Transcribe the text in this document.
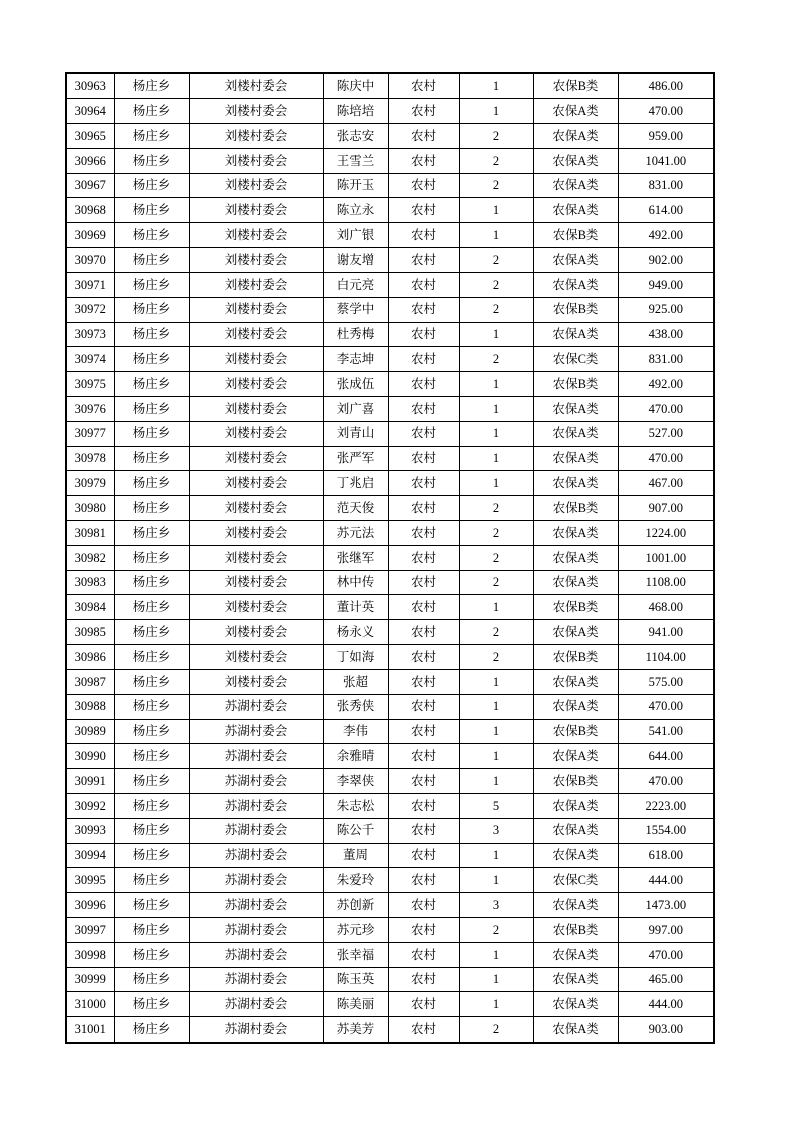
30963	杨庄乡	刘楼村委会	陈庆中	农村	1	农保B类	486.00
30964	杨庄乡	刘楼村委会	陈培培	农村	1	农保A类	470.00
30965	杨庄乡	刘楼村委会	张志安	农村	2	农保A类	959.00
30966	杨庄乡	刘楼村委会	王雪兰	农村	2	农保A类	1041.00
30967	杨庄乡	刘楼村委会	陈开玉	农村	2	农保A类	831.00
30968	杨庄乡	刘楼村委会	陈立永	农村	1	农保A类	614.00
30969	杨庄乡	刘楼村委会	刘广银	农村	1	农保B类	492.00
30970	杨庄乡	刘楼村委会	谢友增	农村	2	农保A类	902.00
30971	杨庄乡	刘楼村委会	白元亮	农村	2	农保A类	949.00
30972	杨庄乡	刘楼村委会	蔡学中	农村	2	农保B类	925.00
30973	杨庄乡	刘楼村委会	杜秀梅	农村	1	农保A类	438.00
30974	杨庄乡	刘楼村委会	李志坤	农村	2	农保C类	831.00
30975	杨庄乡	刘楼村委会	张成伍	农村	1	农保B类	492.00
30976	杨庄乡	刘楼村委会	刘广喜	农村	1	农保A类	470.00
30977	杨庄乡	刘楼村委会	刘青山	农村	1	农保A类	527.00
30978	杨庄乡	刘楼村委会	张严军	农村	1	农保A类	470.00
30979	杨庄乡	刘楼村委会	丁兆启	农村	1	农保A类	467.00
30980	杨庄乡	刘楼村委会	范天俊	农村	2	农保B类	907.00
30981	杨庄乡	刘楼村委会	苏元法	农村	2	农保A类	1224.00
30982	杨庄乡	刘楼村委会	张继军	农村	2	农保A类	1001.00
30983	杨庄乡	刘楼村委会	林中传	农村	2	农保A类	1108.00
30984	杨庄乡	刘楼村委会	董计英	农村	1	农保B类	468.00
30985	杨庄乡	刘楼村委会	杨永义	农村	2	农保A类	941.00
30986	杨庄乡	刘楼村委会	丁如海	农村	2	农保B类	1104.00
30987	杨庄乡	刘楼村委会	张超	农村	1	农保A类	575.00
30988	杨庄乡	苏湖村委会	张秀侠	农村	1	农保A类	470.00
30989	杨庄乡	苏湖村委会	李伟	农村	1	农保B类	541.00
30990	杨庄乡	苏湖村委会	余雅晴	农村	1	农保A类	644.00
30991	杨庄乡	苏湖村委会	李翠侠	农村	1	农保B类	470.00
30992	杨庄乡	苏湖村委会	朱志松	农村	5	农保A类	2223.00
30993	杨庄乡	苏湖村委会	陈公千	农村	3	农保A类	1554.00
30994	杨庄乡	苏湖村委会	董周	农村	1	农保A类	618.00
30995	杨庄乡	苏湖村委会	朱爱玲	农村	1	农保C类	444.00
30996	杨庄乡	苏湖村委会	苏创新	农村	3	农保A类	1473.00
30997	杨庄乡	苏湖村委会	苏元珍	农村	2	农保B类	997.00
30998	杨庄乡	苏湖村委会	张幸福	农村	1	农保A类	470.00
30999	杨庄乡	苏湖村委会	陈玉英	农村	1	农保A类	465.00
31000	杨庄乡	苏湖村委会	陈美丽	农村	1	农保A类	444.00
31001	杨庄乡	苏湖村委会	苏美芳	农村	2	农保A类	903.00
